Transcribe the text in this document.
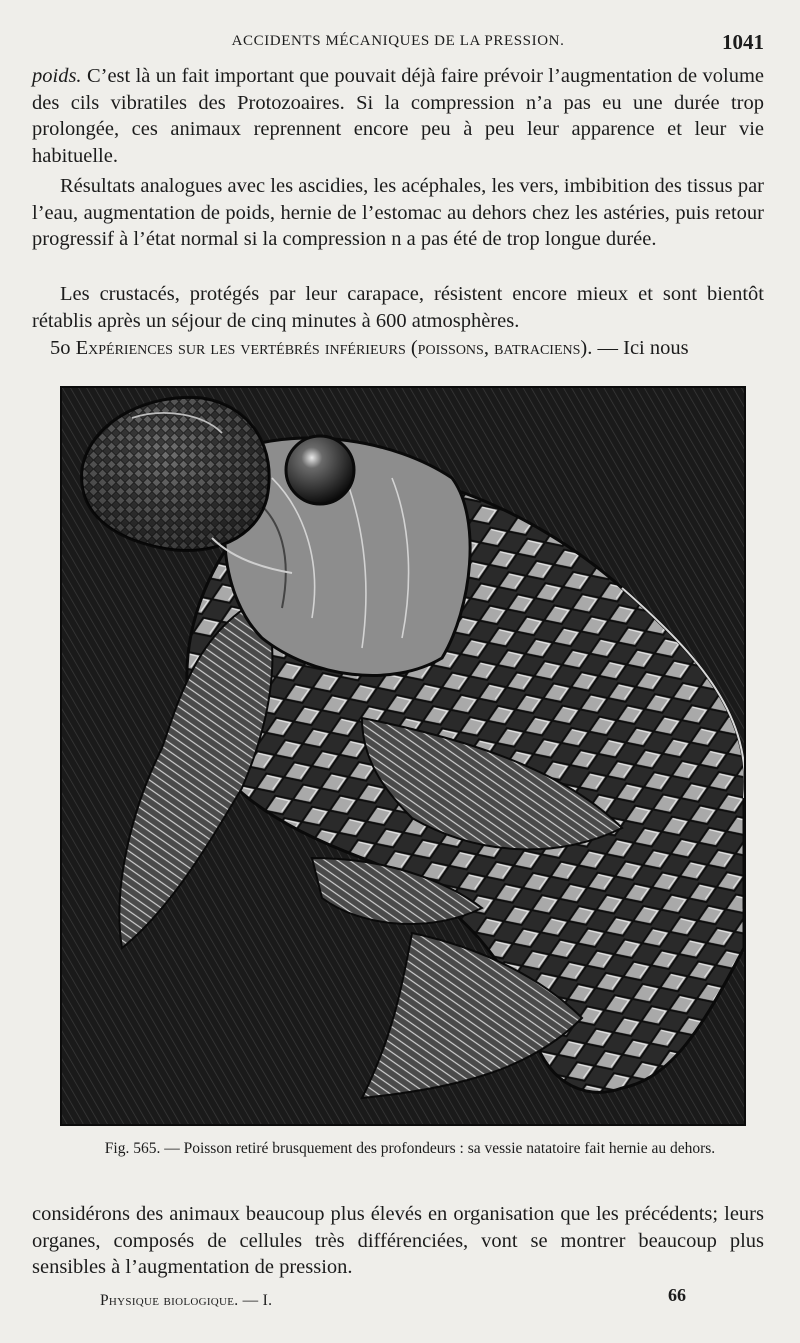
ACCIDENTS MÉCANIQUES DE LA PRESSION.	1041

poids. C’est là un fait important que pouvait déjà faire prévoir l’augmentation de volume des cils vibratiles des Protozoaires. Si la compression n’a pas eu une durée trop prolongée, ces animaux reprennent encore peu à peu leur apparence et leur vie habituelle.

Résultats analogues avec les ascidies, les acéphales, les vers, imbibition des tissus par l’eau, augmentation de poids, hernie de l’estomac au dehors chez les astéries, puis retour progressif à l’état normal si la compression n a pas été de trop longue durée.

Les crustacés, protégés par leur carapace, résistent encore mieux et sont bientôt rétablis après un séjour de cinq minutes à 600 atmosphères.

5o Expériences sur les vertébrés inférieurs (poissons, batraciens). — Ici nous

Fig. 565. — Poisson retiré brusquement des profondeurs : sa vessie natatoire fait hernie au dehors.

considérons des animaux beaucoup plus élevés en organisation que les précédents; leurs organes, composés de cellules très différenciées, vont se montrer beaucoup plus sensibles à l’augmentation de pression.

Physique biologique. — I.	66
